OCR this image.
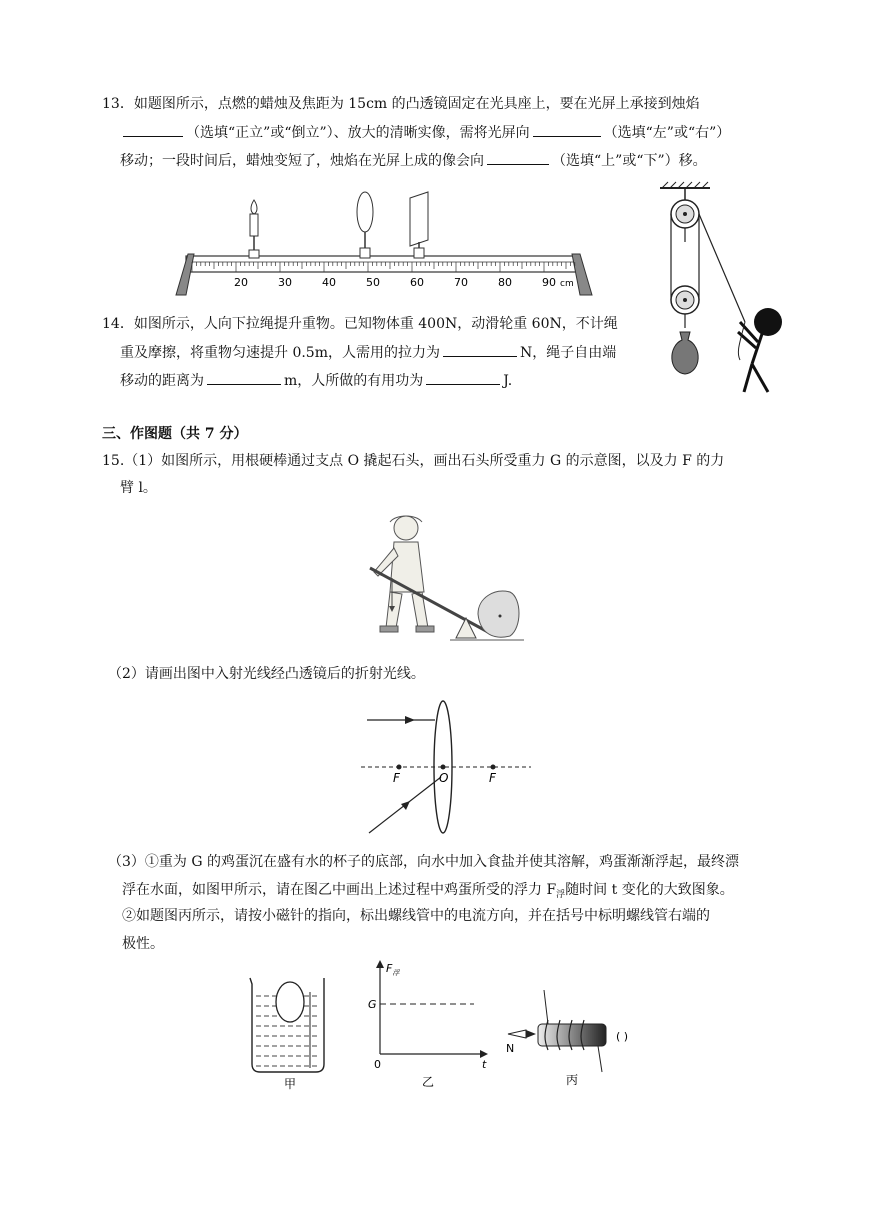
13．如题图所示，点燃的蜡烛及焦距为 15cm 的凸透镜固定在光具座上，要在光屏上承接到烛焰
（选填“正立”或“倒立”）、放大的清晰实像，需将光屏向	（选填“左”或“右”）
移动；一段时间后，蜡烛变短了，烛焰在光屏上成的像会向	（选填“上”或“下”）移。
20	30	40	50	60	70	80	90 cm
14．如图所示，人向下拉绳提升重物。已知物体重 400N，动滑轮重 60N，不计绳
重及摩擦，将重物匀速提升 0.5m，人需用的拉力为	N，绳子自由端
移动的距离为	m，人所做的有用功为	J.
三、作图题（共 7 分）
15.（1）如图所示，用根硬棒通过支点 O 撬起石头，画出石头所受重力 G 的示意图，以及力 F 的力
臂 l。
（2）请画出图中入射光线经凸透镜后的折射光线。
F	O	F
（3）①重为 G 的鸡蛋沉在盛有水的杯子的底部，向水中加入食盐并使其溶解，鸡蛋渐渐浮起，最终漂
浮在水面，如图甲所示，请在图乙中画出上述过程中鸡蛋所受的浮力 $F_浮$随时间 t 变化的大致图象。
②如题图丙所示，请按小磁针的指向，标出螺线管中的电流方向，并在括号中标明螺线管右端的
极性。
甲
$F_浮$
G
0	t
乙
N
( )
丙
